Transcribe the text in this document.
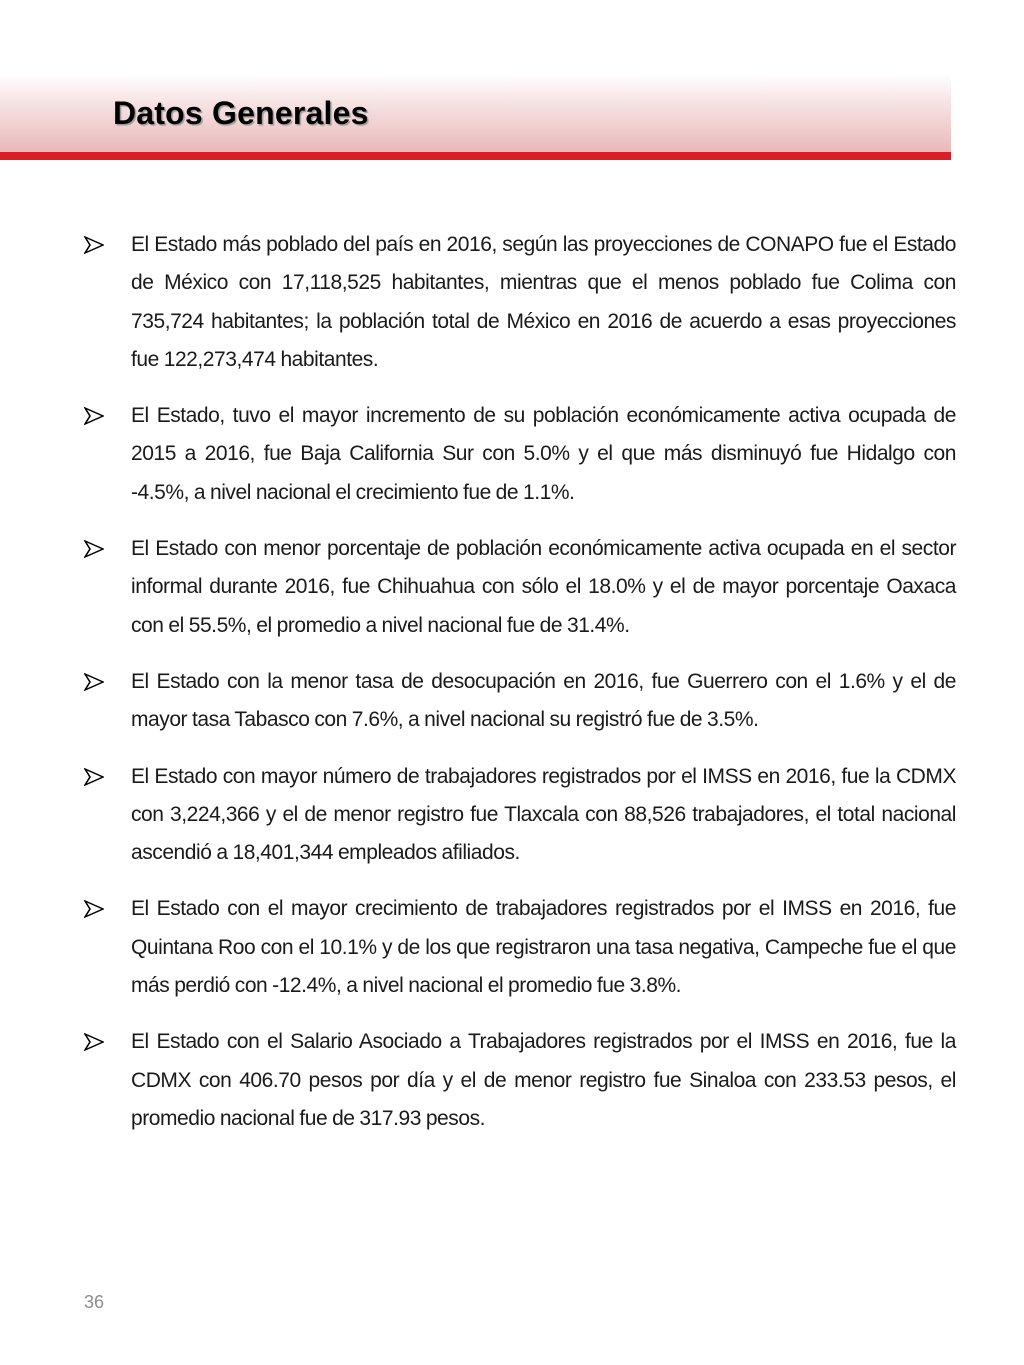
Datos Generales
El Estado más poblado del país en 2016, según las proyecciones de CONAPO fue el Estado de México con 17,118,525 habitantes, mientras que el menos poblado fue Colima con 735,724 habitantes; la población total de México en 2016 de acuerdo a esas proyecciones fue 122,273,474 habitantes.
El Estado, tuvo el mayor incremento de su población económicamente activa ocupada de 2015 a 2016, fue Baja California Sur con 5.0% y el que más disminuyó fue Hidalgo con -4.5%, a nivel nacional el crecimiento fue de 1.1%.
El Estado con menor porcentaje de población económicamente activa ocupada en el sector informal durante 2016, fue Chihuahua con sólo el 18.0% y el de mayor porcentaje Oaxaca con el 55.5%, el promedio a nivel nacional fue de 31.4%.
El Estado con la menor tasa de desocupación en 2016, fue Guerrero con el 1.6% y el de mayor tasa Tabasco con 7.6%, a nivel nacional su registró fue de 3.5%.
El Estado con mayor número de trabajadores registrados por el IMSS en 2016, fue la CDMX con 3,224,366 y el de menor registro fue Tlaxcala con 88,526 trabajadores, el total nacional ascendió a 18,401,344 empleados afiliados.
El Estado con el mayor crecimiento de trabajadores registrados por el IMSS en 2016, fue Quintana Roo con el 10.1% y de los que registraron una tasa negativa, Campeche fue el que más perdió con -12.4%, a nivel nacional el promedio fue 3.8%.
El Estado con el Salario Asociado a Trabajadores registrados por el IMSS en 2016, fue la CDMX con 406.70 pesos por día y el de menor registro fue Sinaloa con 233.53 pesos, el promedio nacional fue de 317.93 pesos.
36
